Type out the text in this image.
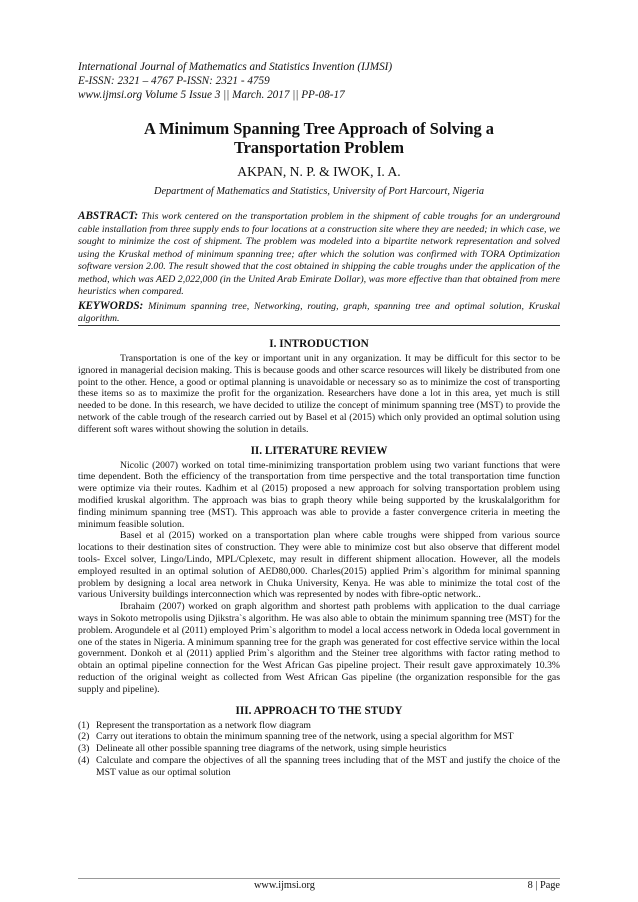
International Journal of Mathematics and Statistics Invention (IJMSI)
E-ISSN: 2321 – 4767 P-ISSN: 2321 - 4759
www.ijmsi.org Volume 5 Issue 3 || March. 2017 || PP-08-17
A Minimum Spanning Tree Approach of Solving a
Transportation Problem
AKPAN, N. P. & IWOK, I. A.
Department of Mathematics and Statistics, University of Port Harcourt, Nigeria
ABSTRACT: This work centered on the transportation problem in the shipment of cable troughs for an underground cable installation from three supply ends to four locations at a construction site where they are needed; in which case, we sought to minimize the cost of shipment. The problem was modeled into a bipartite network representation and solved using the Kruskal method of minimum spanning tree; after which the solution was confirmed with TORA Optimization software version 2.00. The result showed that the cost obtained in shipping the cable troughs under the application of the method, which was AED 2,022,000 (in the United Arab Emirate Dollar), was more effective than that obtained from mere heuristics when compared.
KEYWORDS: Minimum spanning tree, Networking, routing, graph, spanning tree and optimal solution, Kruskal algorithm.
I. INTRODUCTION

Transportation is one of the key or important unit in any organization. It may be difficult for this sector to be ignored in managerial decision making. This is because goods and other scarce resources will likely be distributed from one point to the other. Hence, a good or optimal planning is unavoidable or necessary so as to minimize the cost of transporting these items so as to maximize the profit for the organization. Researchers have done a lot in this area, yet much is still needed to be done. In this research, we have decided to utilize the concept of minimum spanning tree (MST) to provide the network of the cable trough of the research carried out by Basel et al (2015) which only provided an optimal solution using different soft wares without showing the solution in details.

II. LITERATURE REVIEW

Nicolic (2007) worked on total time-minimizing transportation problem using two variant functions that were time dependent. Both the efficiency of the transportation from time perspective and the total transportation time function were optimize via their routes. Kadhim et al (2015) proposed a new approach for solving transportation problem using modified kruskal algorithm. The approach was bias to graph theory while being supported by the kruskalalgorithm for finding minimum spanning tree (MST). This approach was able to provide a faster convergence criteria in meeting the minimum feasible solution.

Basel et al (2015) worked on a transportation plan where cable troughs were shipped from various source locations to their destination sites of construction. They were able to minimize cost but also observe that different model tools- Excel solver, Lingo/Lindo, MPL/Cplexetc, may result in different shipment allocation. However, all the models employed resulted in an optimal solution of AED80,000. Charles(2015) applied Prim`s algorithm for minimal spanning problem by designing a local area network in Chuka University, Kenya. He was able to minimize the total cost of the various University buildings interconnection which was represented by nodes with fibre-optic network..

Ibrahaim (2007) worked on graph algorithm and shortest path problems with application to the dual carriage ways in Sokoto metropolis using Djikstra`s algorithm. He was also able to obtain the minimum spanning tree (MST) for the problem. Arogundele et al (2011) employed Prim`s algorithm to model a local access network in Odeda local government in one of the states in Nigeria. A minimum spanning tree for the graph was generated for cost effective service within the local government. Donkoh et al (2011) applied Prim`s algorithm and the Steiner tree algorithms with factor rating method to obtain an optimal pipeline connection for the West African Gas pipeline project. Their result gave approximately 10.3% reduction of the original weight as collected from West African Gas pipeline (the organization responsible for the gas supply and pipeline).

III. APPROACH TO THE STUDY
(1) Represent the transportation as a network flow diagram
(2) Carry out iterations to obtain the minimum spanning tree of the network, using a special algorithm for MST
(3) Delineate all other possible spanning tree diagrams of the network, using simple heuristics
(4) Calculate and compare the objectives of all the spanning trees including that of the MST and justify the choice of the MST value as our optimal solution
www.ijmsi.org	8 | Page
